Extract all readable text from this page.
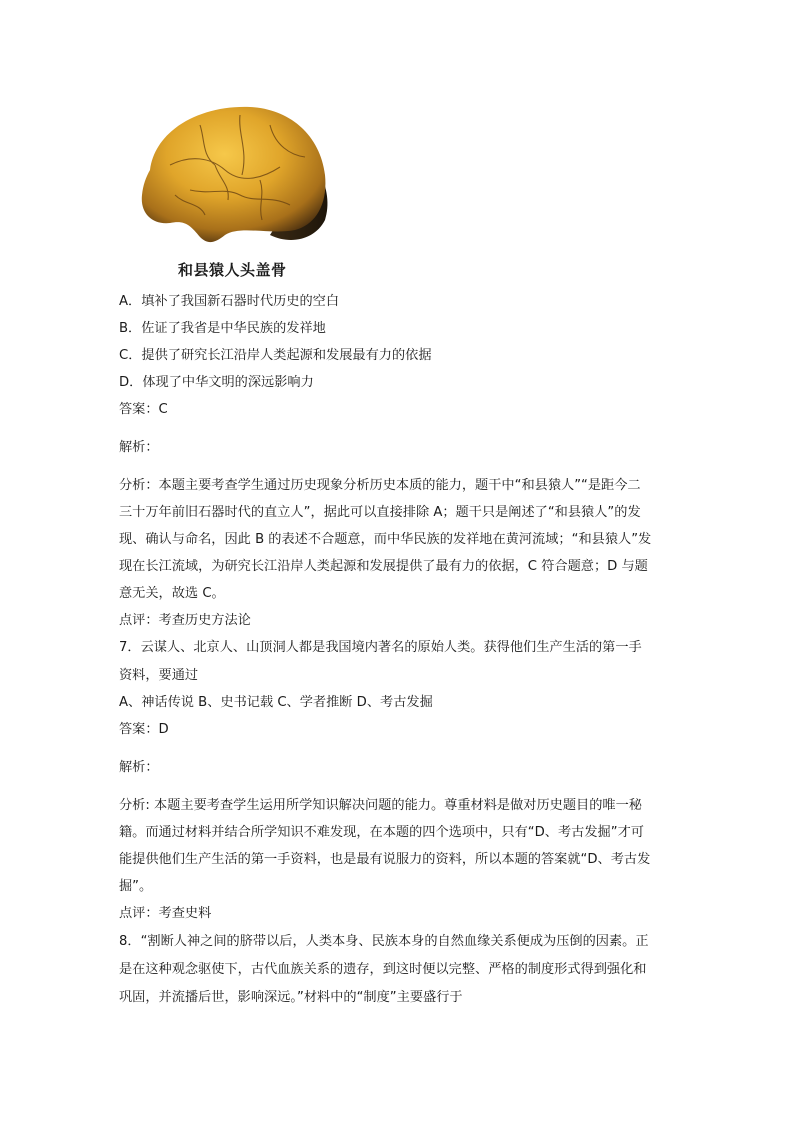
和县猿人头盖骨
A．填补了我国新石器时代历史的空白
B．佐证了我省是中华民族的发祥地
C．提供了研究长江沿岸人类起源和发展最有力的依据
D．体现了中华文明的深远影响力
答案：C
解析：
分析：本题主要考查学生通过历史现象分析历史本质的能力，题干中“和县猿人”“是距今二
三十万年前旧石器时代的直立人”，据此可以直接排除 A；题干只是阐述了“和县猿人”的发
现、确认与命名，因此 B 的表述不合题意，而中华民族的发祥地在黄河流域；“和县猿人”发
现在长江流域，为研究长江沿岸人类起源和发展提供了最有力的依据，C 符合题意；D 与题
意无关，故选 C。
点评：考查历史方法论
7．云谋人、北京人、山顶洞人都是我国境内著名的原始人类。获得他们生产生活的第一手
资料，要通过
A、神话传说 B、史书记载 C、学者推断 D、考古发掘
答案：D
解析：
分析: 本题主要考查学生运用所学知识解决问题的能力。尊重材料是做对历史题目的唯一秘
籍。而通过材料并结合所学知识不难发现，在本题的四个选项中，只有“D、考古发掘”才可
能提供他们生产生活的第一手资料，也是最有说服力的资料，所以本题的答案就“D、考古发
掘”。
点评：考查史料
8．“割断人神之间的脐带以后，人类本身、民族本身的自然血缘关系便成为压倒的因素。正
是在这种观念驱使下，古代血族关系的遗存，到这时便以完整、严格的制度形式得到强化和
巩固，并流播后世，影响深远。”材料中的“制度”主要盛行于
